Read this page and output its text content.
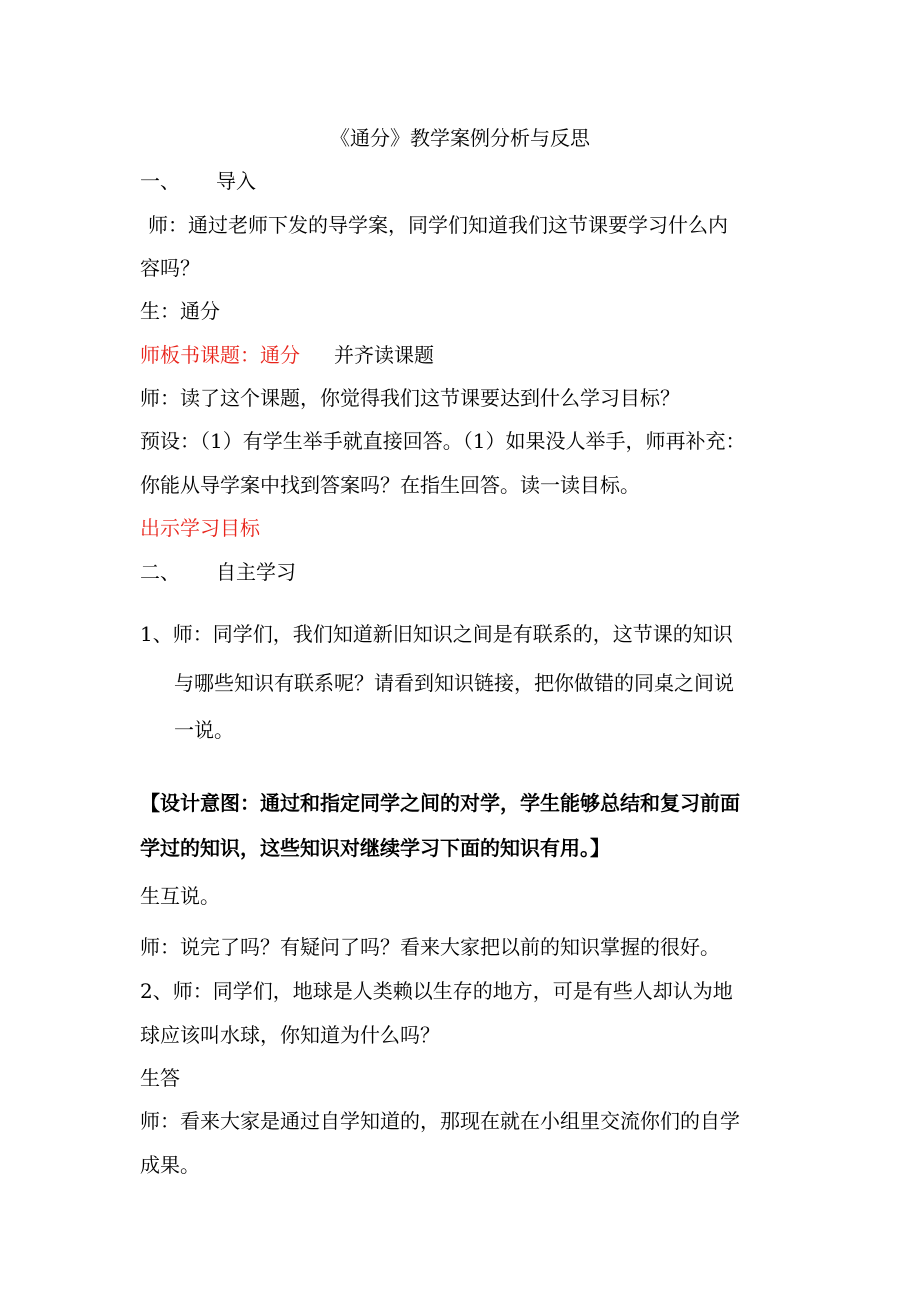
《通分》教学案例分析与反思
一、 导入
师：通过老师下发的导学案，同学们知道我们这节课要学习什么内
容吗？
生：通分
师板书课题：通分 并齐读课题
师：读了这个课题，你觉得我们这节课要达到什么学习目标？
预设：（1）有学生举手就直接回答。（1）如果没人举手，师再补充：
你能从导学案中找到答案吗？在指生回答。读一读目标。
出示学习目标
二、 自主学习
1、师：同学们，我们知道新旧知识之间是有联系的，这节课的知识
与哪些知识有联系呢？请看到知识链接，把你做错的同桌之间说
一说。
【设计意图：通过和指定同学之间的对学，学生能够总结和复习前面
学过的知识，这些知识对继续学习下面的知识有用。】
生互说。
师：说完了吗？有疑问了吗？看来大家把以前的知识掌握的很好。
2、师：同学们，地球是人类赖以生存的地方，可是有些人却认为地
球应该叫水球，你知道为什么吗？
生答
师：看来大家是通过自学知道的，那现在就在小组里交流你们的自学
成果。
